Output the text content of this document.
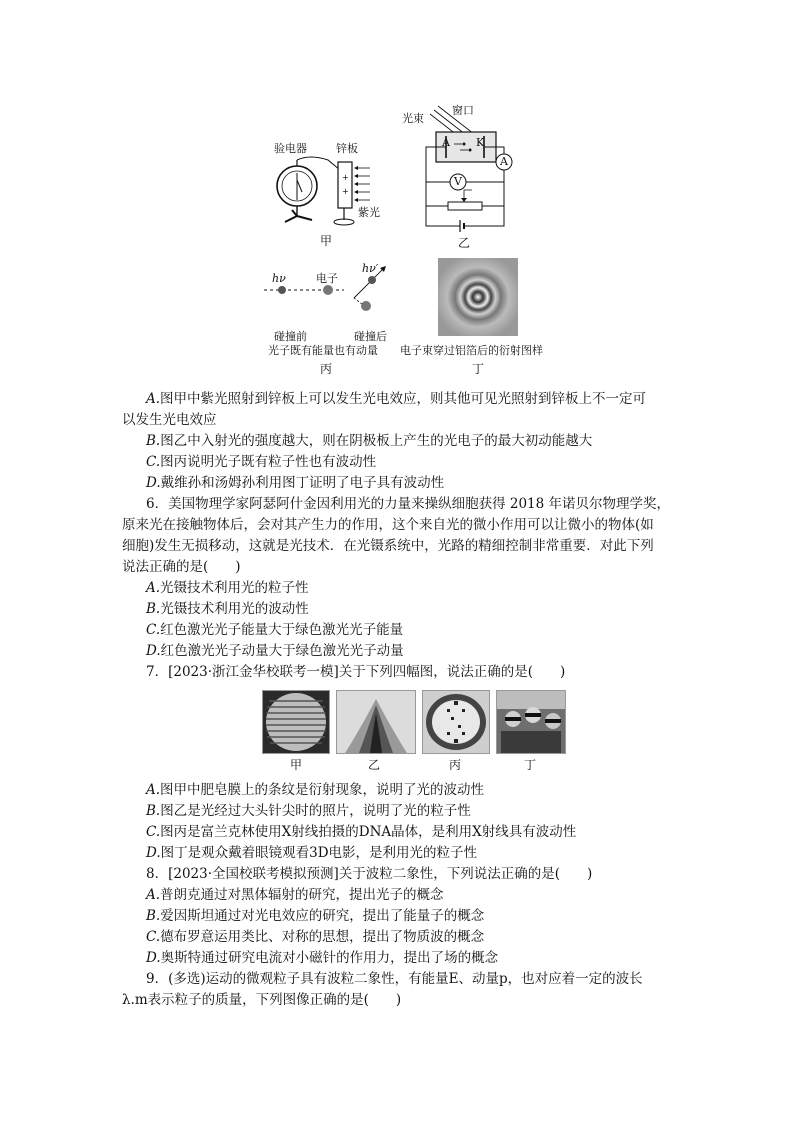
+
+
验电器	锌板
紫光
甲
光束
窗口
A K
A
V
乙
hν	电子
hν′
碰撞前	碰撞后
光子既有能量也有动量
丙
电子束穿过铝箔后的衍射图样
丁
A.图甲中紫光照射到锌板上可以发生光电效应，则其他可见光照射到锌板上不一定可
以发生光电效应
B.图乙中入射光的强度越大，则在阴极板上产生的光电子的最大初动能越大
C.图丙说明光子既有粒子性也有波动性
D.戴维孙和汤姆孙利用图丁证明了电子具有波动性
6．美国物理学家阿瑟阿什金因利用光的力量来操纵细胞获得 2018 年诺贝尔物理学奖，
原来光在接触物体后，会对其产生力的作用，这个来自光的微小作用可以让微小的物体(如
细胞)发生无损移动，这就是光技术．在光镊系统中，光路的精细控制非常重要．对此下列
说法正确的是(　　)
A.光镊技术利用光的粒子性
B.光镊技术利用光的波动性
C.红色激光光子能量大于绿色激光光子能量
D.红色激光光子动量大于绿色激光光子动量
7．[2023·浙江金华校联考一模]关于下列四幅图，说法正确的是(　　)
甲	乙	丙	丁
A.图甲中肥皂膜上的条纹是衍射现象，说明了光的波动性
B.图乙是光经过大头针尖时的照片，说明了光的粒子性
C.图丙是富兰克林使用X射线拍摄的DNA晶体，是利用X射线具有波动性
D.图丁是观众戴着眼镜观看3D电影，是利用光的粒子性
8．[2023·全国校联考模拟预测]关于波粒二象性，下列说法正确的是(　　)
A.普朗克通过对黑体辐射的研究，提出光子的概念
B.爱因斯坦通过对光电效应的研究，提出了能量子的概念
C.德布罗意运用类比、对称的思想，提出了物质波的概念
D.奥斯特通过研究电流对小磁针的作用力，提出了场的概念
9．(多选)运动的微观粒子具有波粒二象性，有能量E、动量p，也对应着一定的波长
λ.m表示粒子的质量，下列图像正确的是(　　)
